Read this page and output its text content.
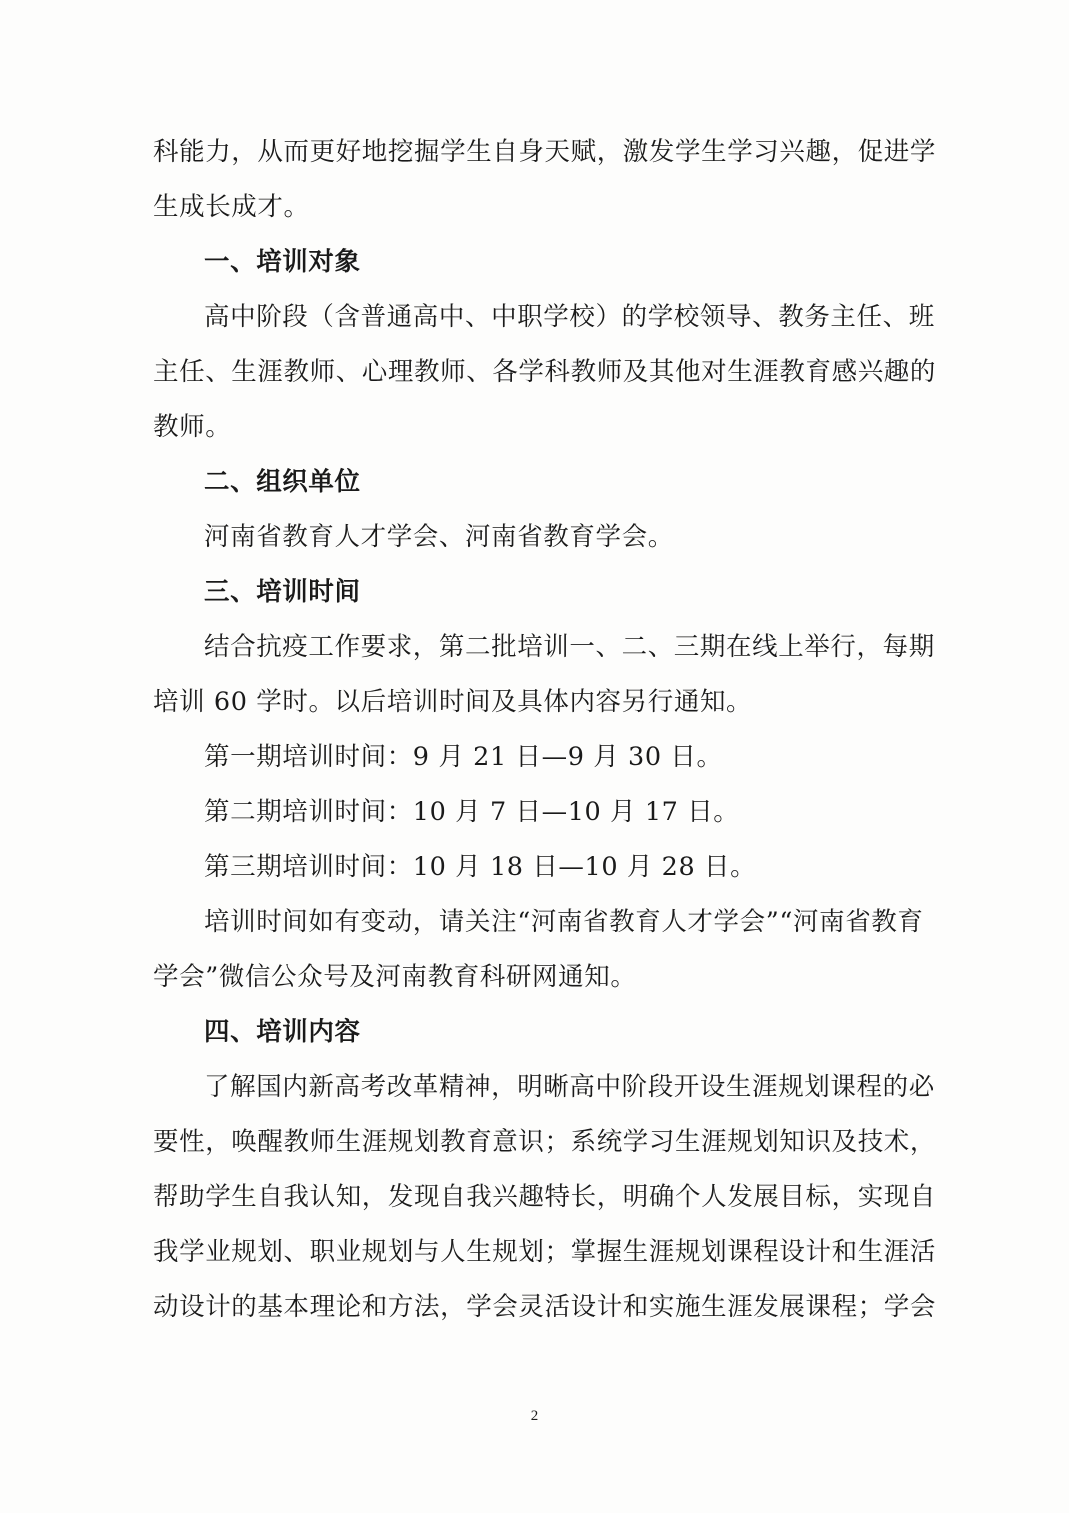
科能力，从而更好地挖掘学生自身天赋，激发学生学习兴趣，促进学
生成长成才。
一、培训对象
高中阶段（含普通高中、中职学校）的学校领导、教务主任、班
主任、生涯教师、心理教师、各学科教师及其他对生涯教育感兴趣的
教师。
二、组织单位
河南省教育人才学会、河南省教育学会。
三、培训时间
结合抗疫工作要求，第二批培训一、二、三期在线上举行，每期
培训 60 学时。以后培训时间及具体内容另行通知。
第一期培训时间：9 月 21 日—9 月 30 日。
第二期培训时间：10 月 7 日—10 月 17 日。
第三期培训时间：10 月 18 日—10 月 28 日。
培训时间如有变动，请关注“河南省教育人才学会”“河南省教育
学会”微信公众号及河南教育科研网通知。
四、培训内容
了解国内新高考改革精神，明晰高中阶段开设生涯规划课程的必
要性，唤醒教师生涯规划教育意识；系统学习生涯规划知识及技术，
帮助学生自我认知，发现自我兴趣特长，明确个人发展目标，实现自
我学业规划、职业规划与人生规划；掌握生涯规划课程设计和生涯活
动设计的基本理论和方法，学会灵活设计和实施生涯发展课程；学会
2
